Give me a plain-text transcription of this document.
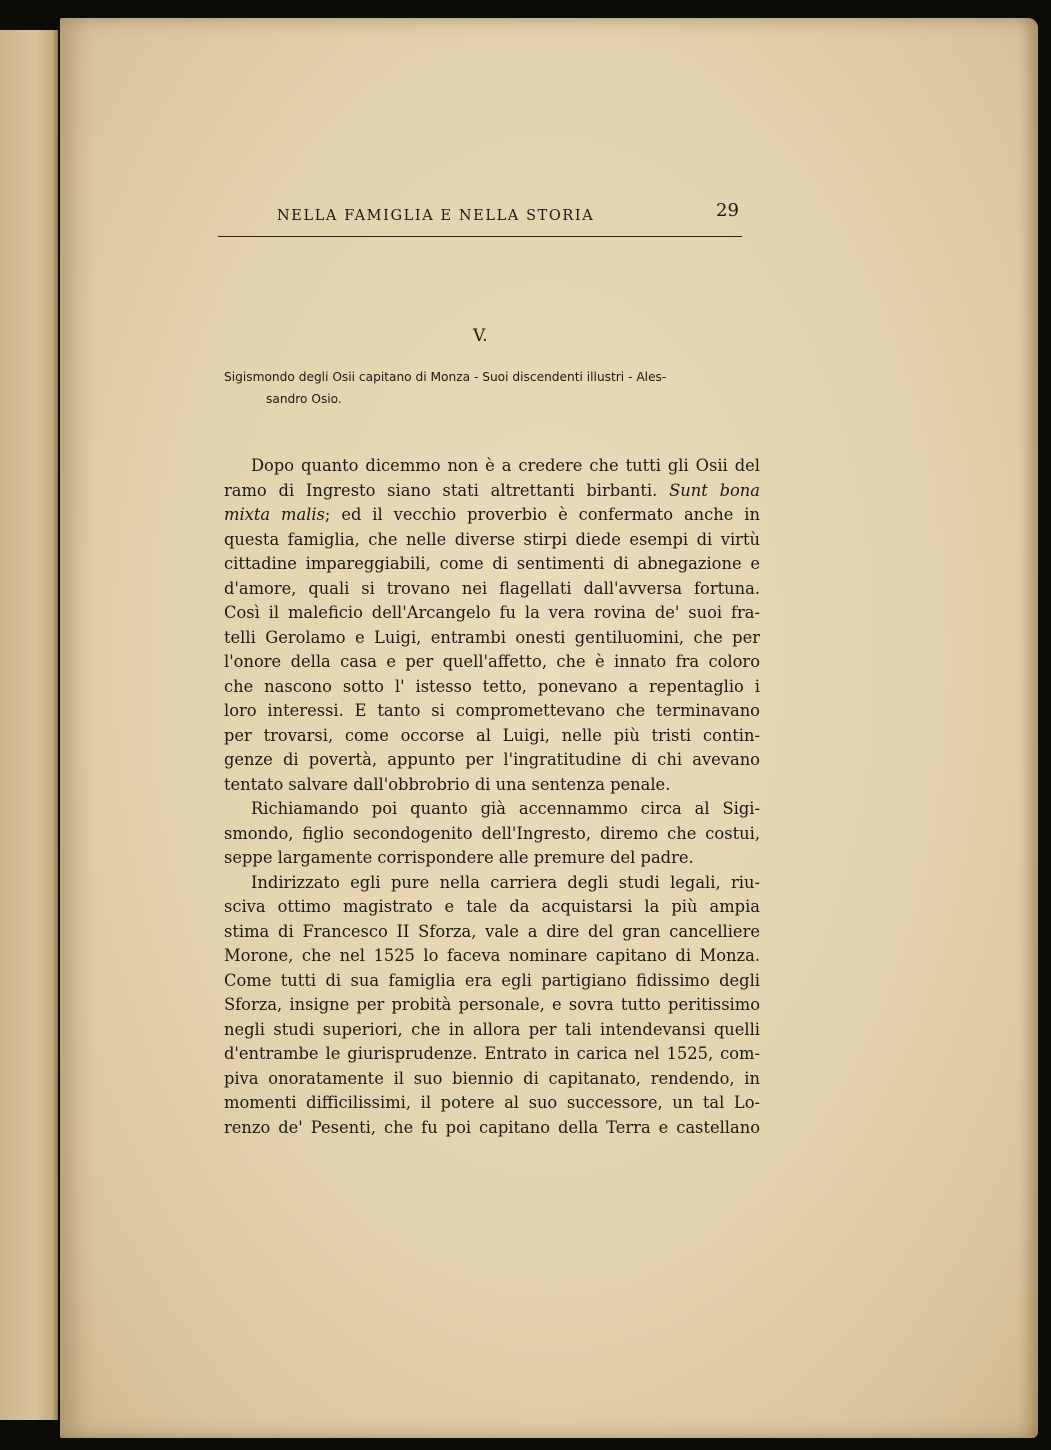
NELLA FAMIGLIA E NELLA STORIA	29
V.
Sigismondo degli Osii capitano di Monza - Suoi discendenti illustri - Ales-
sandro Osio.
Dopo quanto dicemmo non è a credere che tutti gli Osii del
ramo di Ingresto siano stati altrettanti birbanti. Sunt bona
mixta malis; ed il vecchio proverbio è confermato anche in
questa famiglia, che nelle diverse stirpi diede esempi di virtù
cittadine impareggiabili, come di sentimenti di abnegazione e
d'amore, quali si trovano nei flagellati dall'avversa fortuna.
Così il maleficio dell'Arcangelo fu la vera rovina de' suoi fra-
telli Gerolamo e Luigi, entrambi onesti gentiluomini, che per
l'onore della casa e per quell'affetto, che è innato fra coloro
che nascono sotto l' istesso tetto, ponevano a repentaglio i
loro interessi. E tanto si compromettevano che terminavano
per trovarsi, come occorse al Luigi, nelle più tristi contin-
genze di povertà, appunto per l'ingratitudine di chi avevano
tentato salvare dall'obbrobrio di una sentenza penale.
Richiamando poi quanto già accennammo circa al Sigi-
smondo, figlio secondogenito dell'Ingresto, diremo che costui,
seppe largamente corrispondere alle premure del padre.
Indirizzato egli pure nella carriera degli studi legali, riu-
sciva ottimo magistrato e tale da acquistarsi la più ampia
stima di Francesco II Sforza, vale a dire del gran cancelliere
Morone, che nel 1525 lo faceva nominare capitano di Monza.
Come tutti di sua famiglia era egli partigiano fidissimo degli
Sforza, insigne per probità personale, e sovra tutto peritissimo
negli studi superiori, che in allora per tali intendevansi quelli
d'entrambe le giurisprudenze. Entrato in carica nel 1525, com-
piva onoratamente il suo biennio di capitanato, rendendo, in
momenti difficilissimi, il potere al suo successore, un tal Lo-
renzo de' Pesenti, che fu poi capitano della Terra e castellano
